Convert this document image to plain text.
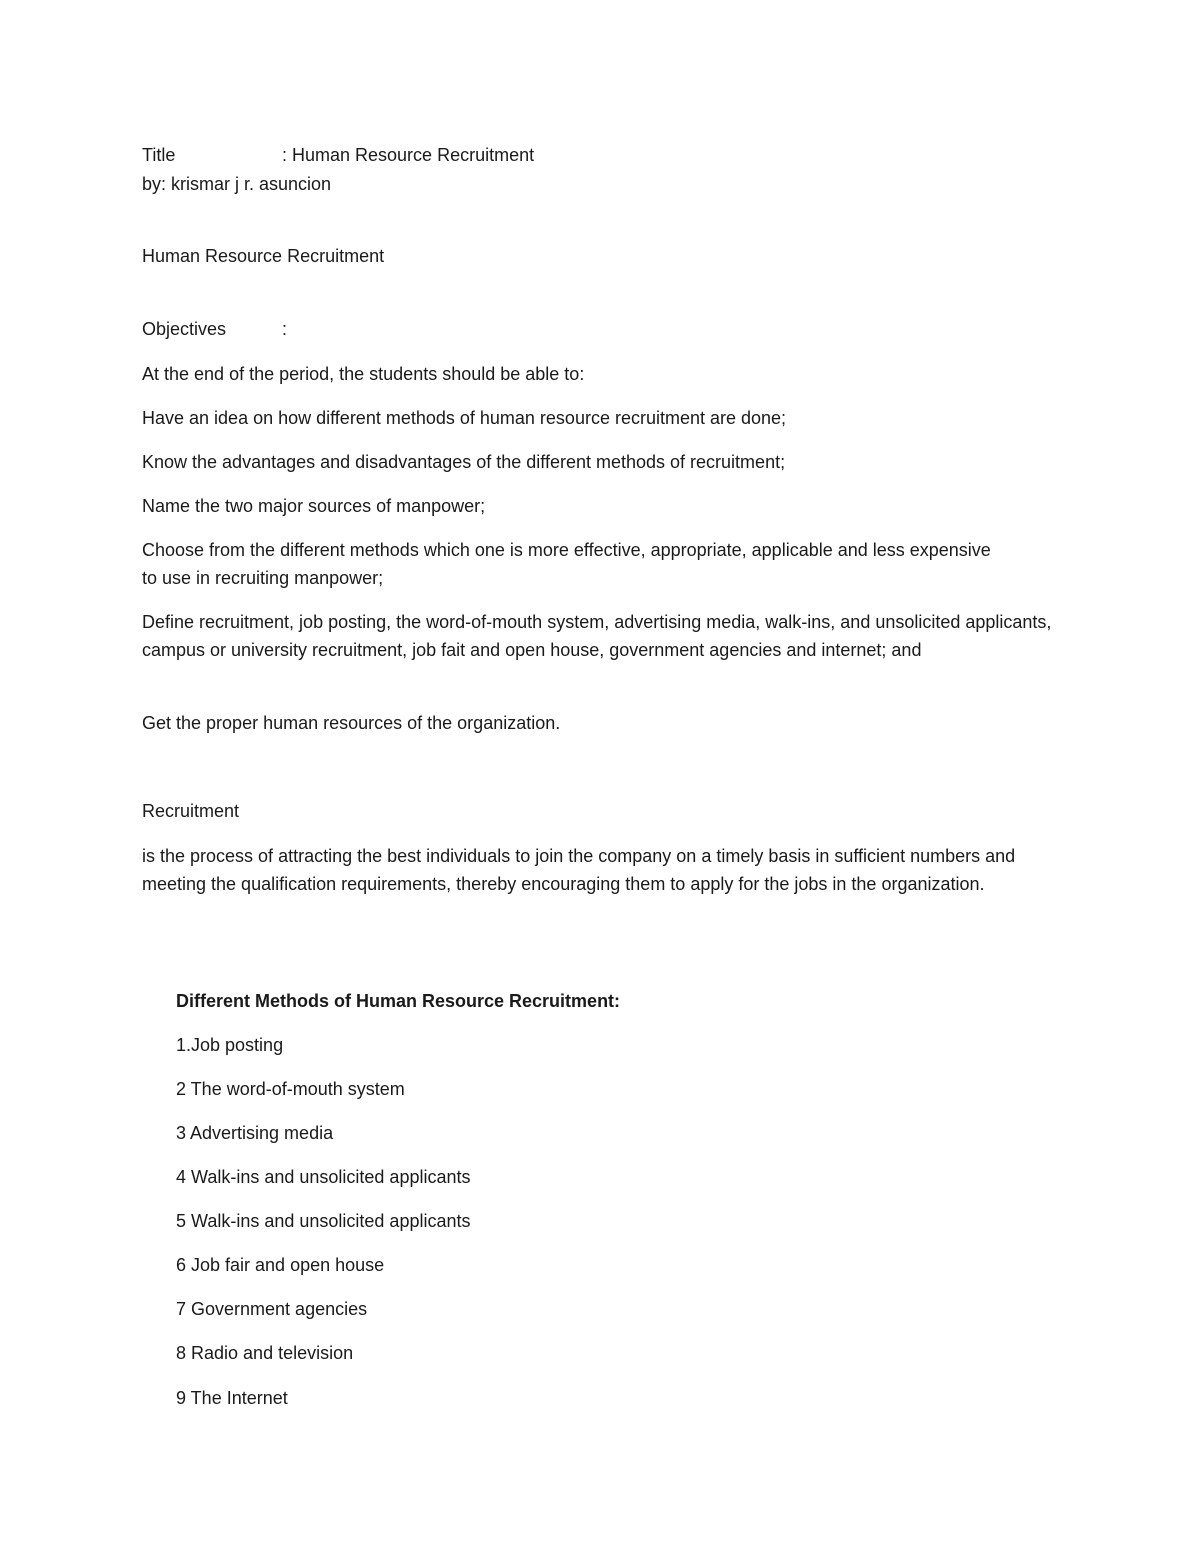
Title	: Human Resource Recruitment
by: krismar j r. asuncion
Human Resource Recruitment
Objectives	:
At the end of the period, the students should be able to:
Have an idea on how different methods of human resource recruitment are done;
Know the advantages and disadvantages of the different methods of recruitment;
Name the two major sources of manpower;
Choose from the different methods which one is more effective, appropriate, applicable and less expensive to use in recruiting manpower;
Define recruitment, job posting, the word-of-mouth system, advertising media, walk-ins, and unsolicited applicants, campus or university recruitment, job fait and open house, government agencies and internet; and
Get the proper human resources of the organization.
Recruitment
is the process of attracting the best individuals to join the company on a timely basis in sufficient numbers and meeting the qualification requirements, thereby encouraging them to apply for the jobs in the organization.
Different Methods of Human Resource Recruitment:
1.Job posting
2 The word-of-mouth system
3 Advertising media
4 Walk-ins and unsolicited applicants
5 Walk-ins and unsolicited applicants
6 Job fair and open house
7 Government agencies
8 Radio and television
9 The Internet
